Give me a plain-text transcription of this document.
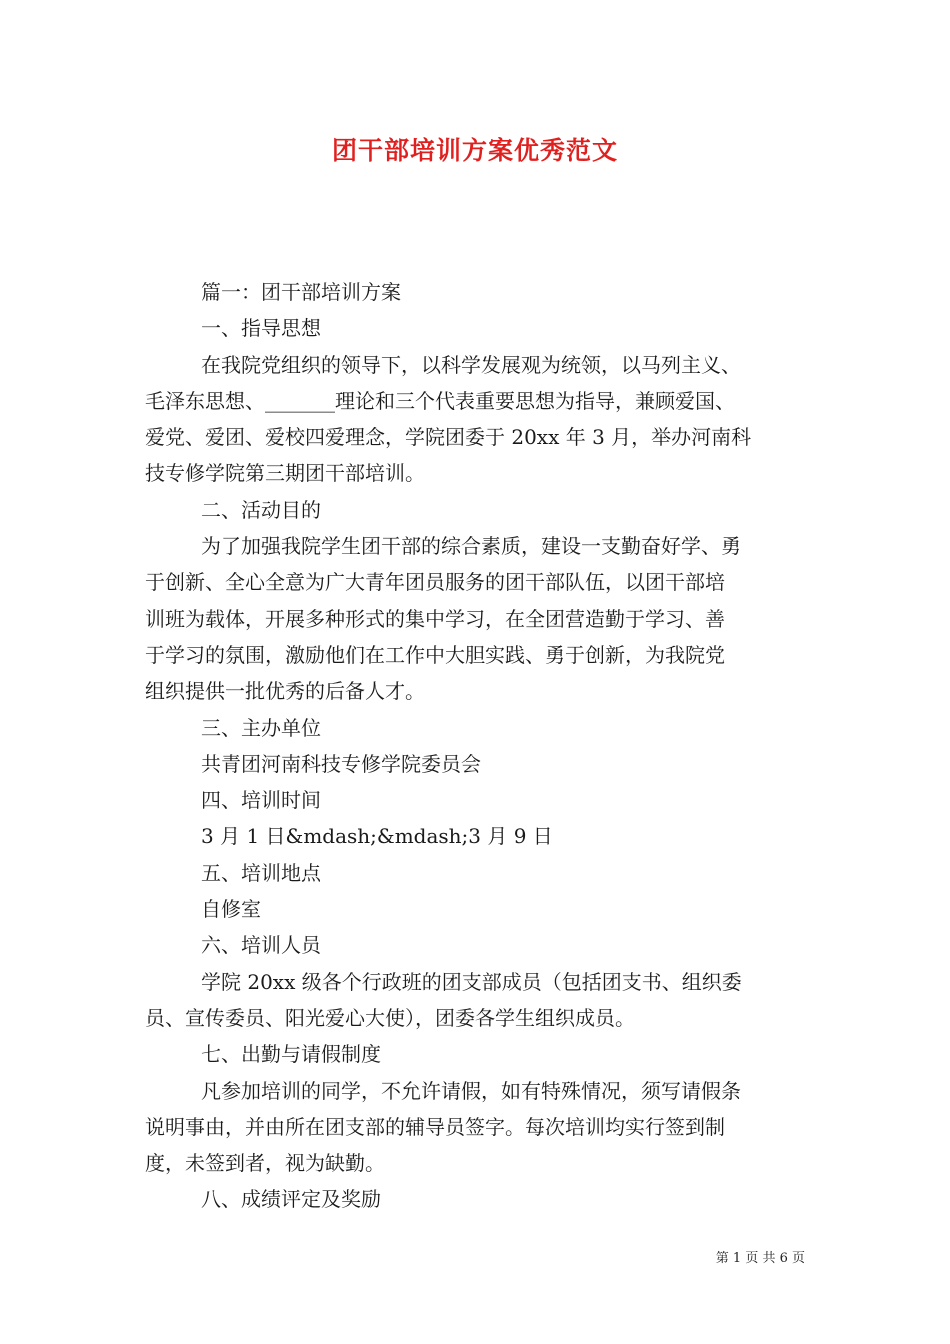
团干部培训方案优秀范文
篇一：团干部培训方案
一、指导思想
在我院党组织的领导下，以科学发展观为统领，以马列主义、
毛泽东思想、_______理论和三个代表重要思想为指导，兼顾爱国、
爱党、爱团、爱校四爱理念，学院团委于 20xx 年 3 月，举办河南科
技专修学院第三期团干部培训。
二、活动目的
为了加强我院学生团干部的综合素质，建设一支勤奋好学、勇
于创新、全心全意为广大青年团员服务的团干部队伍，以团干部培
训班为载体，开展多种形式的集中学习，在全团营造勤于学习、善
于学习的氛围，激励他们在工作中大胆实践、勇于创新，为我院党
组织提供一批优秀的后备人才。
三、主办单位
共青团河南科技专修学院委员会
四、培训时间
3 月 1 日&mdash;&mdash;3 月 9 日
五、培训地点
自修室
六、培训人员
学院 20xx 级各个行政班的团支部成员（包括团支书、组织委
员、宣传委员、阳光爱心大使），团委各学生组织成员。
七、出勤与请假制度
凡参加培训的同学，不允许请假，如有特殊情况，须写请假条
说明事由，并由所在团支部的辅导员签字。每次培训均实行签到制
度，未签到者，视为缺勤。
八、成绩评定及奖励
第 1 页 共 6 页
